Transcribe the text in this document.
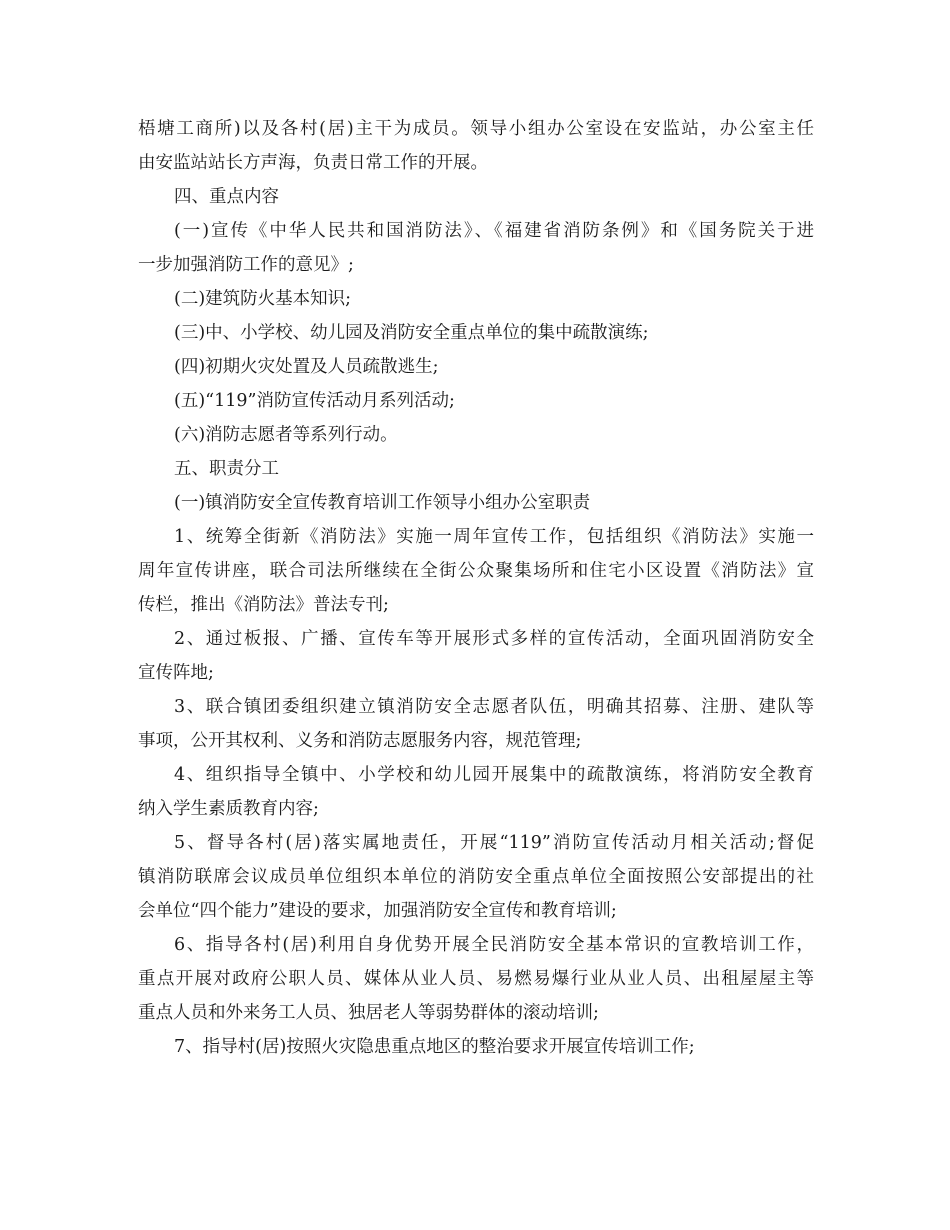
梧塘工商所)以及各村(居)主干为成员。领导小组办公室设在安监站，办公室主任
由安监站站长方声海，负责日常工作的开展。
四、重点内容
(一)宣传《中华人民共和国消防法》、《福建省消防条例》和《国务院关于进
一步加强消防工作的意见》;
(二)建筑防火基本知识;
(三)中、小学校、幼儿园及消防安全重点单位的集中疏散演练;
(四)初期火灾处置及人员疏散逃生;
(五)“119”消防宣传活动月系列活动;
(六)消防志愿者等系列行动。
五、职责分工
(一)镇消防安全宣传教育培训工作领导小组办公室职责
1、统筹全街新《消防法》实施一周年宣传工作，包括组织《消防法》实施一
周年宣传讲座，联合司法所继续在全街公众聚集场所和住宅小区设置《消防法》宣
传栏，推出《消防法》普法专刊;
2、通过板报、广播、宣传车等开展形式多样的宣传活动，全面巩固消防安全
宣传阵地;
3、联合镇团委组织建立镇消防安全志愿者队伍，明确其招募、注册、建队等
事项，公开其权利、义务和消防志愿服务内容，规范管理;
4、组织指导全镇中、小学校和幼儿园开展集中的疏散演练，将消防安全教育
纳入学生素质教育内容;
5、督导各村(居)落实属地责任，开展“119”消防宣传活动月相关活动;督促
镇消防联席会议成员单位组织本单位的消防安全重点单位全面按照公安部提出的社
会单位“四个能力”建设的要求，加强消防安全宣传和教育培训;
6、指导各村(居)利用自身优势开展全民消防安全基本常识的宣教培训工作，
重点开展对政府公职人员、媒体从业人员、易燃易爆行业从业人员、出租屋屋主等
重点人员和外来务工人员、独居老人等弱势群体的滚动培训;
7、指导村(居)按照火灾隐患重点地区的整治要求开展宣传培训工作;
